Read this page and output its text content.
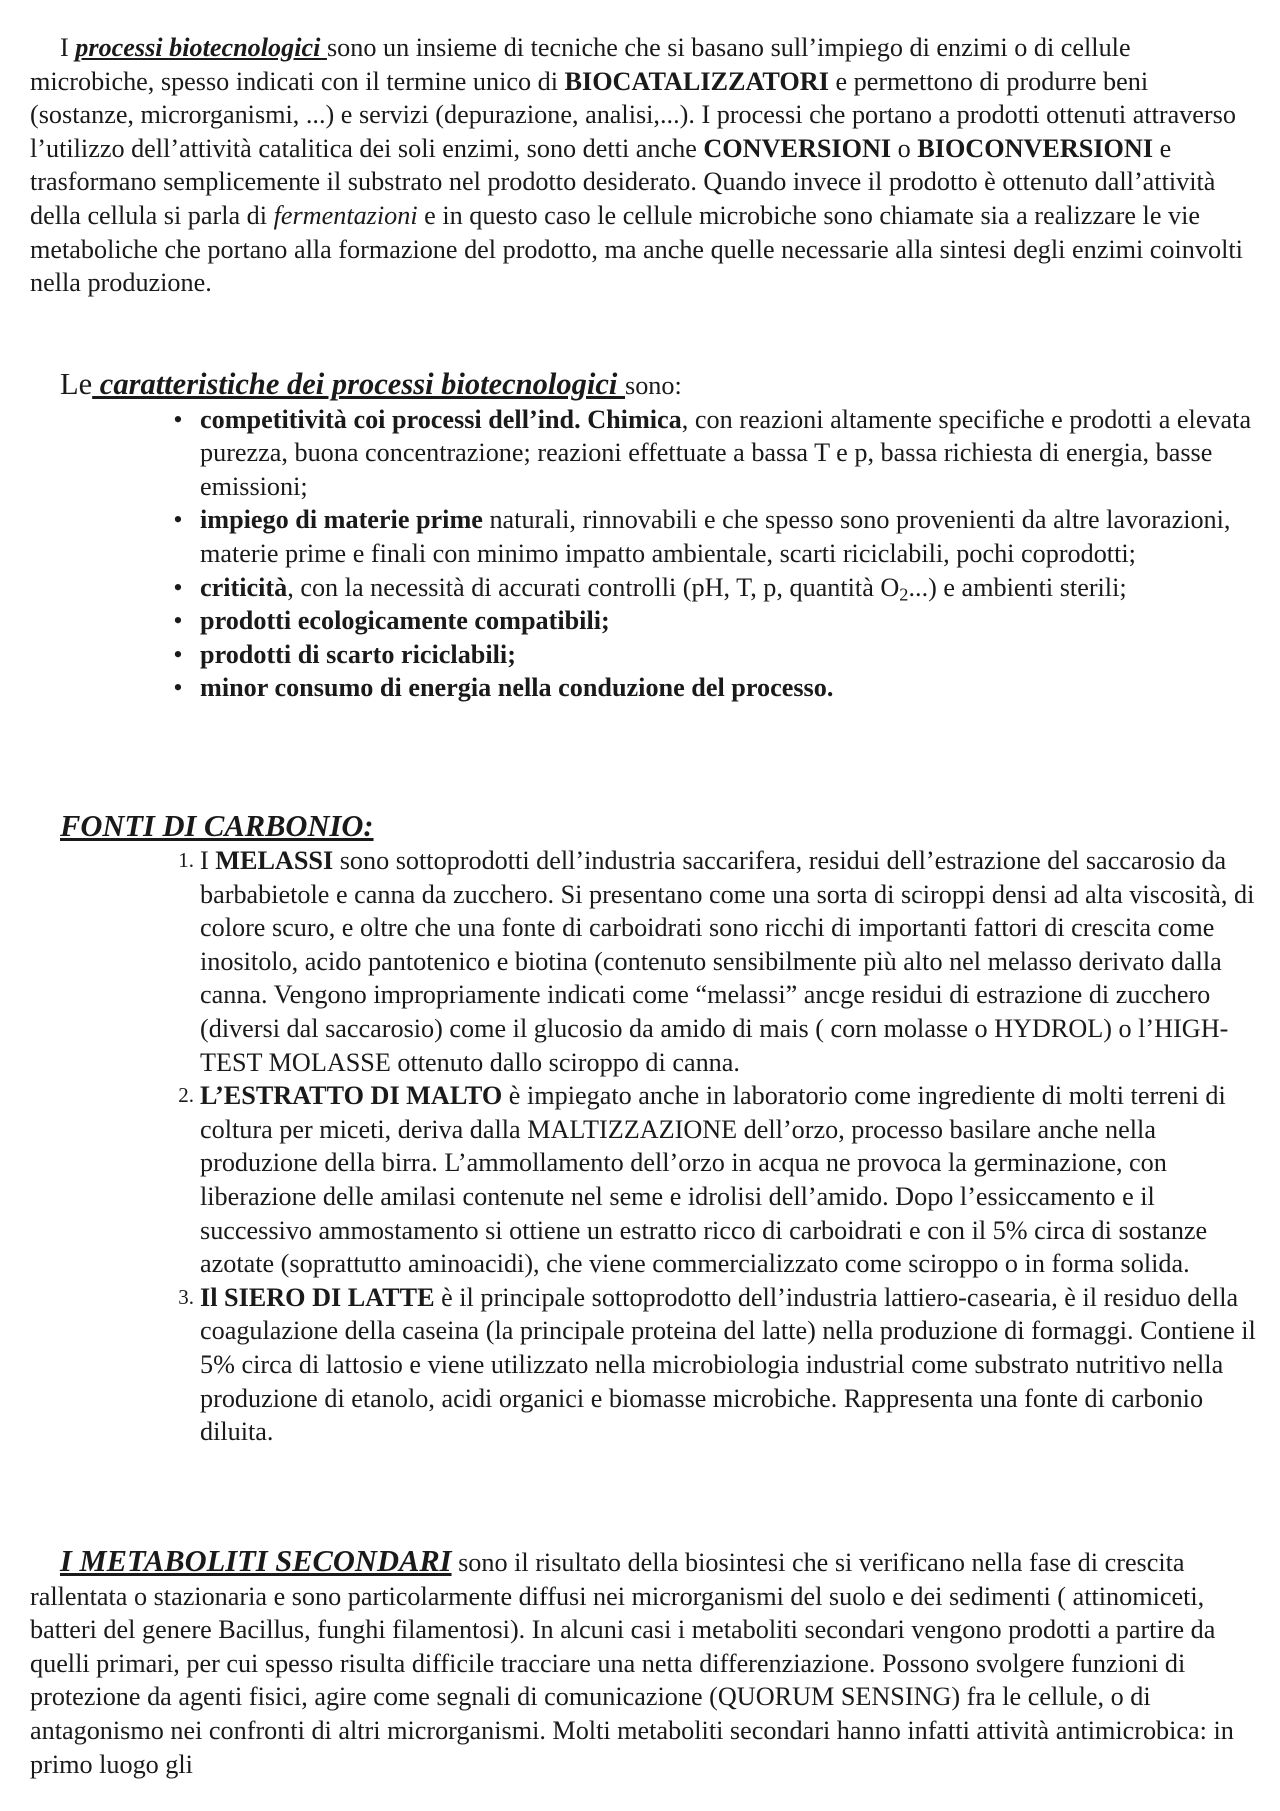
I processi biotecnologici sono un insieme di tecniche che si basano sull’impiego di enzimi o di cellule microbiche, spesso indicati con il termine unico di BIOCATALIZZATORI e permettono di produrre beni (sostanze, microrganismi, ...) e servizi (depurazione, analisi,...). I processi che portano a prodotti ottenuti attraverso l’utilizzo dell’attività catalitica dei soli enzimi, sono detti anche CONVERSIONI o BIOCONVERSIONI e trasformano semplicemente il substrato nel prodotto desiderato. Quando invece il prodotto è ottenuto dall’attività della cellula si parla di fermentazioni e in questo caso le cellule microbiche sono chiamate sia a realizzare le vie metaboliche che portano alla formazione del prodotto, ma anche quelle necessarie alla sintesi degli enzimi coinvolti nella produzione.

Le caratteristiche dei processi biotecnologici sono:

• competitività coi processi dell’ind. Chimica, con reazioni altamente specifiche e prodotti a elevata purezza, buona concentrazione; reazioni effettuate a bassa T e p, bassa richiesta di energia, basse emissioni;
• impiego di materie prime naturali, rinnovabili e che spesso sono provenienti da altre lavorazioni, materie prime e finali con minimo impatto ambientale, scarti riciclabili, pochi coprodotti;
• criticità, con la necessità di accurati controlli (pH, T, p, quantità $O_2$...) e ambienti sterili;
• prodotti ecologicamente compatibili;
• prodotti di scarto riciclabili;
• minor consumo di energia nella conduzione del processo.

FONTI DI CARBONIO:

1. I MELASSI sono sottoprodotti dell’industria saccarifera, residui dell’estrazione del saccarosio da barbabietole e canna da zucchero. Si presentano come una sorta di sciroppi densi ad alta viscosità, di colore scuro, e oltre che una fonte di carboidrati sono ricchi di importanti fattori di crescita come inositolo, acido pantotenico e biotina (contenuto sensibilmente più alto nel melasso derivato dalla canna. Vengono impropriamente indicati come “melassi” ancge residui di estrazione di zucchero (diversi dal saccarosio) come il glucosio da amido di mais ( corn molasse o HYDROL) o l’HIGH-TEST MOLASSE ottenuto dallo sciroppo di canna.
2. L’ESTRATTO DI MALTO è impiegato anche in laboratorio come ingrediente di molti terreni di coltura per miceti, deriva dalla MALTIZZAZIONE dell’orzo, processo basilare anche nella produzione della birra. L’ammollamento dell’orzo in acqua ne provoca la germinazione, con liberazione delle amilasi contenute nel seme e idrolisi dell’amido. Dopo l’essiccamento e il successivo ammostamento si ottiene un estratto ricco di carboidrati e con il 5% circa di sostanze azotate (soprattutto aminoacidi), che viene commercializzato come sciroppo o in forma solida.
3. Il SIERO DI LATTE è il principale sottoprodotto dell’industria lattiero-casearia, è il residuo della coagulazione della caseina (la principale proteina del latte) nella produzione di formaggi. Contiene il 5% circa di lattosio e viene utilizzato nella microbiologia industrial come substrato nutritivo nella produzione di etanolo, acidi organici e biomasse microbiche. Rappresenta una fonte di carbonio diluita.

I METABOLITI SECONDARI sono il risultato della biosintesi che si verificano nella fase di crescita rallentata o stazionaria e sono particolarmente diffusi nei microrganismi del suolo e dei sedimenti ( attinomiceti, batteri del genere Bacillus, funghi filamentosi). In alcuni casi i metaboliti secondari vengono prodotti a partire da quelli primari, per cui spesso risulta difficile tracciare una netta differenziazione. Possono svolgere funzioni di protezione da agenti fisici, agire come segnali di comunicazione (QUORUM SENSING) fra le cellule, o di antagonismo nei confronti di altri microrganismi. Molti metaboliti secondari hanno infatti attività antimicrobica: in primo luogo gli
